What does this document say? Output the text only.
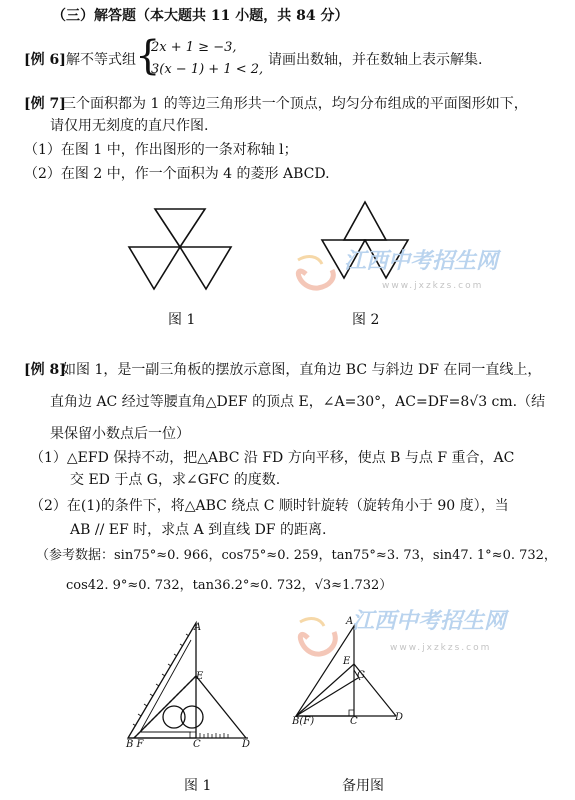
（三）解答题（本大题共 11 小题，共 84 分）
[例 6] 解不等式组 {
2x + 1 ≥ −3,
3(x − 1) + 1 < 2,
请画出数轴，并在数轴上表示解集.
[例 7]
三个面积都为 1 的等边三角形共一个顶点，均匀分布组成的平面图形如下，
请仅用无刻度的直尺作图.
（1）在图 1 中，作出图形的一条对称轴 l；
（2）在图 2 中，作一个面积为 4 的菱形 ABCD.
图 1	图 2
江西中考招生网
www.jxzkzs.com
[例 8]
如图 1，是一副三角板的摆放示意图，直角边 BC 与斜边 DF 在同一直线上，
直角边 AC 经过等腰直角△DEF 的顶点 E，∠A=30°，AC=DF=8√3 cm.（结
果保留小数点后一位）
（1）△EFD 保持不动，把△ABC 沿 FD 方向平移，使点 B 与点 F 重合，AC
交 ED 于点 G，求∠GFC 的度数.
（2）在(1)的条件下，将△ABC 绕点 C 顺时针旋转（旋转角小于 90 度），当
AB // EF 时，求点 A 到直线 DF 的距离.
（参考数据：sin75°≈0. 966，cos75°≈0. 259，tan75°≈3. 73，sin47. 1°≈0. 732，
cos42. 9°≈0. 732，tan36.2°≈0. 732，√3≈1.732）
A
E
B F	C	D
图 1
A
E
G
B(F)	C	D
备用图
江西中考招生网
www.jxzkzs.com
